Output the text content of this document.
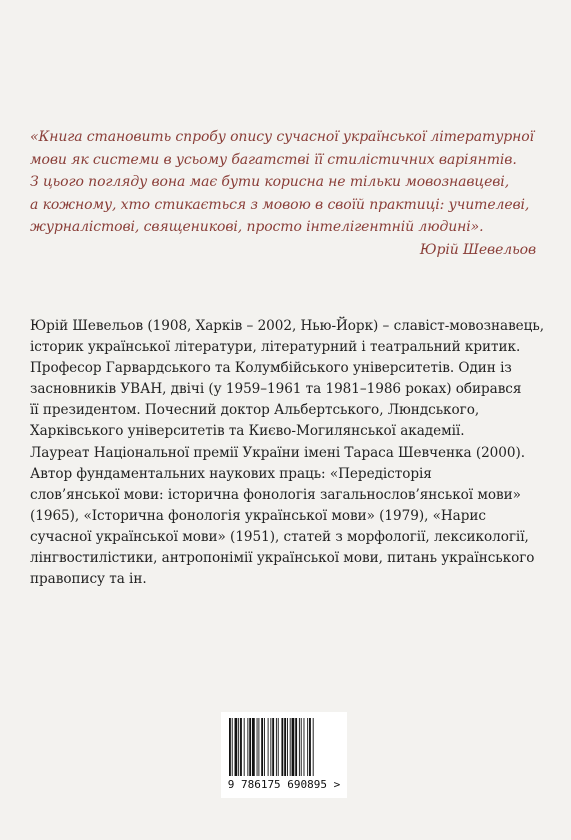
«Книга становить спробу опису сучасної української літературної
мови як системи в усьому багатстві її стилістичних варіянтів.
З цього погляду вона має бути корисна не тільки мовознавцеві,
а кожному, хто стикається з мовою в своїй практиці: учителеві,
журналістові, священикові, просто інтелігентній людині».
Юрій Шевельов
Юрій Шевельов (1908, Харків – 2002, Нью-Йорк) – славіст-мовознавець,
історик української літератури, літературний і театральний критик.
Професор Гарвардського та Колумбійського університетів. Один із
засновників УВАН, двічі (у 1959–1961 та 1981–1986 роках) обирався
її президентом. Почесний доктор Альбертського, Люндського,
Харківського університетів та Києво-Могилянської академії.
Лауреат Національної премії України імені Тараса Шевченка (2000).
Автор фундаментальних наукових праць: «Передісторія
слов’янської мови: історична фонологія загальнослов’янської мови»
(1965), «Історична фонологія української мови» (1979), «Нарис
сучасної української мови» (1951), статей з морфології, лексикології,
лінгвостилістики, антропонімії української мови, питань українського
правопису та ін.
9 786175 690895 >
